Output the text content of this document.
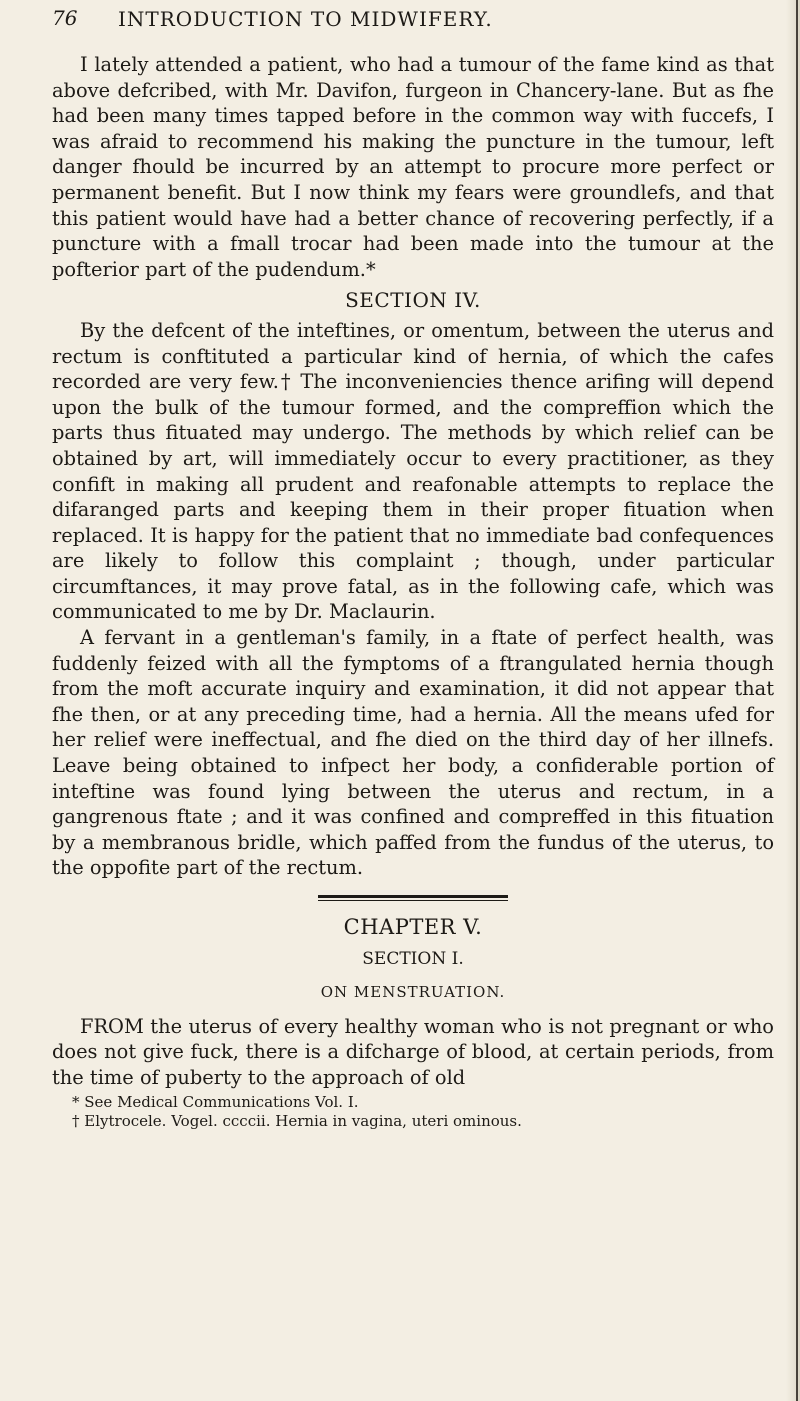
76 INTRODUCTION TO MIDWIFERY.

I lately attended a patient, who had a tumour of the fame kind as that above defcribed, with Mr. Davifon, furgeon in Chancery-lane. But as fhe had been many times tapped before in the common way with fuccefs, I was afraid to recommend his making the puncture in the tumour, left danger fhould be incurred by an attempt to procure more perfect or permanent benefit. But I now think my fears were groundlefs, and that this patient would have had a better chance of recovering perfectly, if a puncture with a fmall trocar had been made into the tumour at the pofterior part of the pudendum.*

SECTION IV.

By the defcent of the inteftines, or omentum, between the uterus and rectum is conftituted a particular kind of hernia, of which the cafes recorded are very few.† The inconveniencies thence arifing will depend upon the bulk of the tumour formed, and the compreffion which the parts thus fituated may undergo. The methods by which relief can be obtained by art, will immediately occur to every practitioner, as they confift in making all prudent and reafonable attempts to replace the difaranged parts and keeping them in their proper fituation when replaced. It is happy for the patient that no immediate bad confequences are likely to follow this complaint ; though, under particular circumftances, it may prove fatal, as in the following cafe, which was communicated to me by Dr. Maclaurin.

A fervant in a gentleman's family, in a ftate of perfect health, was fuddenly feized with all the fymptoms of a ftrangulated hernia though from the moft accurate inquiry and examination, it did not appear that fhe then, or at any preceding time, had a hernia. All the means ufed for her relief were ineffectual, and fhe died on the third day of her illnefs. Leave being obtained to infpect her body, a confiderable portion of inteftine was found lying between the uterus and rectum, in a gangrenous ftate ; and it was confined and compreffed in this fituation by a membranous bridle, which paffed from the fundus of the uterus, to the oppofite part of the rectum.

CHAPTER V.
SECTION I.
ON MENSTRUATION.

FROM the uterus of every healthy woman who is not pregnant or who does not give fuck, there is a difcharge of blood, at certain periods, from the time of puberty to the approach of old

* See Medical Communications Vol. I.
† Elytrocele. Vogel. ccccii. Hernia in vagina, uteri ominous.
